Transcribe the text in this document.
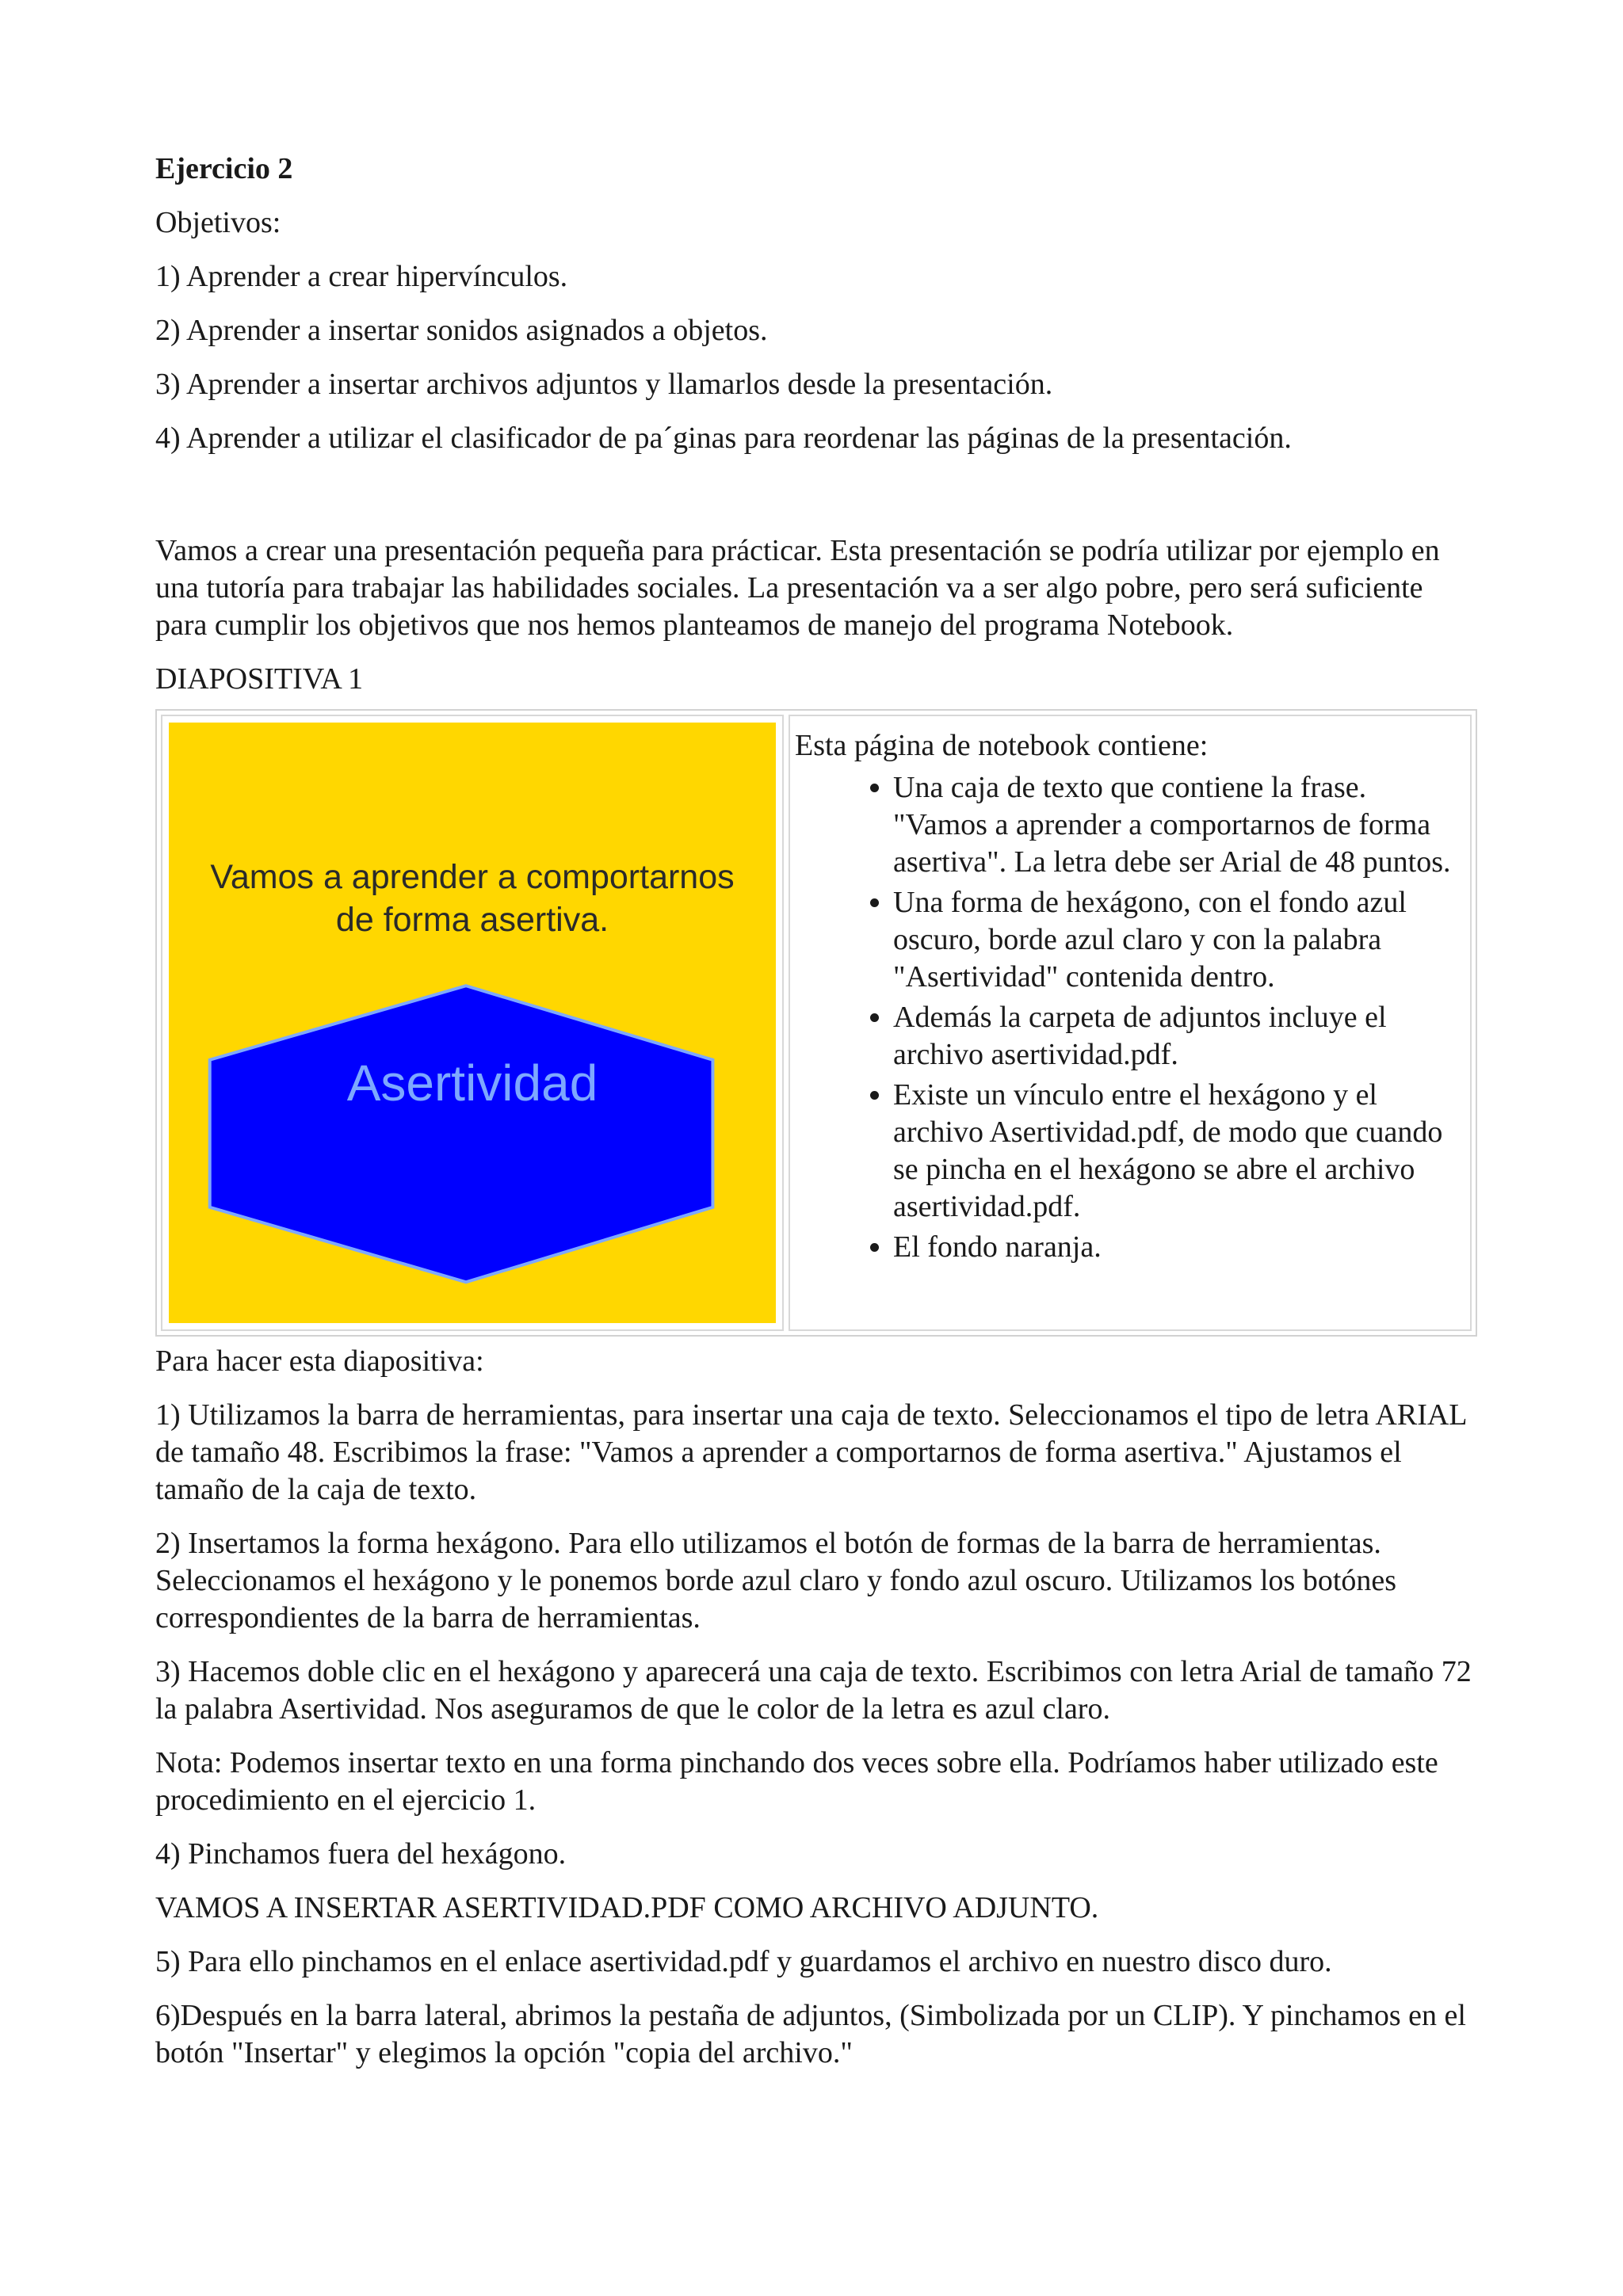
Ejercicio 2

Objetivos:

1) Aprender a crear hipervínculos.

2) Aprender a insertar sonidos asignados a objetos.

3) Aprender a insertar archivos adjuntos y llamarlos desde la presentación.

4) Aprender a utilizar el clasificador de pa´ginas para reordenar las páginas de la presentación.

Vamos a crear una presentación pequeña para prácticar. Esta presentación se podría utilizar por ejemplo en una tutoría para trabajar las habilidades sociales. La presentación va a ser algo pobre, pero será suficiente para cumplir los objetivos que nos hemos planteamos de manejo del programa Notebook.

DIAPOSITIVA 1

Vamos a aprender a comportarnos
de forma asertiva.
Asertividad
Esta página de notebook contiene:
• Una caja de texto que contiene la frase. "Vamos a aprender a comportarnos de forma asertiva". La letra debe ser Arial de 48 puntos.
• Una forma de hexágono, con el fondo azul oscuro, borde azul claro y con la palabra "Asertividad" contenida dentro.
• Además la carpeta de adjuntos incluye el archivo asertividad.pdf.
• Existe un vínculo entre el hexágono y el archivo Asertividad.pdf, de modo que cuando se pincha en el hexágono se abre el archivo asertividad.pdf.
• El fondo naranja.

Para hacer esta diapositiva:

1) Utilizamos la barra de herramientas, para insertar una caja de texto. Seleccionamos el tipo de letra ARIAL de tamaño 48. Escribimos la frase: "Vamos a aprender a comportarnos de forma asertiva." Ajustamos el tamaño de la caja de texto.

2) Insertamos la forma hexágono. Para ello utilizamos el botón de formas de la barra de herramientas. Seleccionamos el hexágono y le ponemos borde azul claro y fondo azul oscuro. Utilizamos los botónes correspondientes de la barra de herramientas.

3) Hacemos doble clic en el hexágono y aparecerá una caja de texto. Escribimos con letra Arial de tamaño 72 la palabra Asertividad. Nos aseguramos de que le color de la letra es azul claro.

Nota: Podemos insertar texto en una forma pinchando dos veces sobre ella. Podríamos haber utilizado este procedimiento en el ejercicio 1.

4) Pinchamos fuera del hexágono.

VAMOS A INSERTAR ASERTIVIDAD.PDF COMO ARCHIVO ADJUNTO.

5) Para ello pinchamos en el enlace asertividad.pdf y guardamos el archivo en nuestro disco duro.

6)Después en la barra lateral, abrimos la pestaña de adjuntos, (Simbolizada por un CLIP). Y pinchamos en el botón "Insertar" y elegimos la opción "copia del archivo."
